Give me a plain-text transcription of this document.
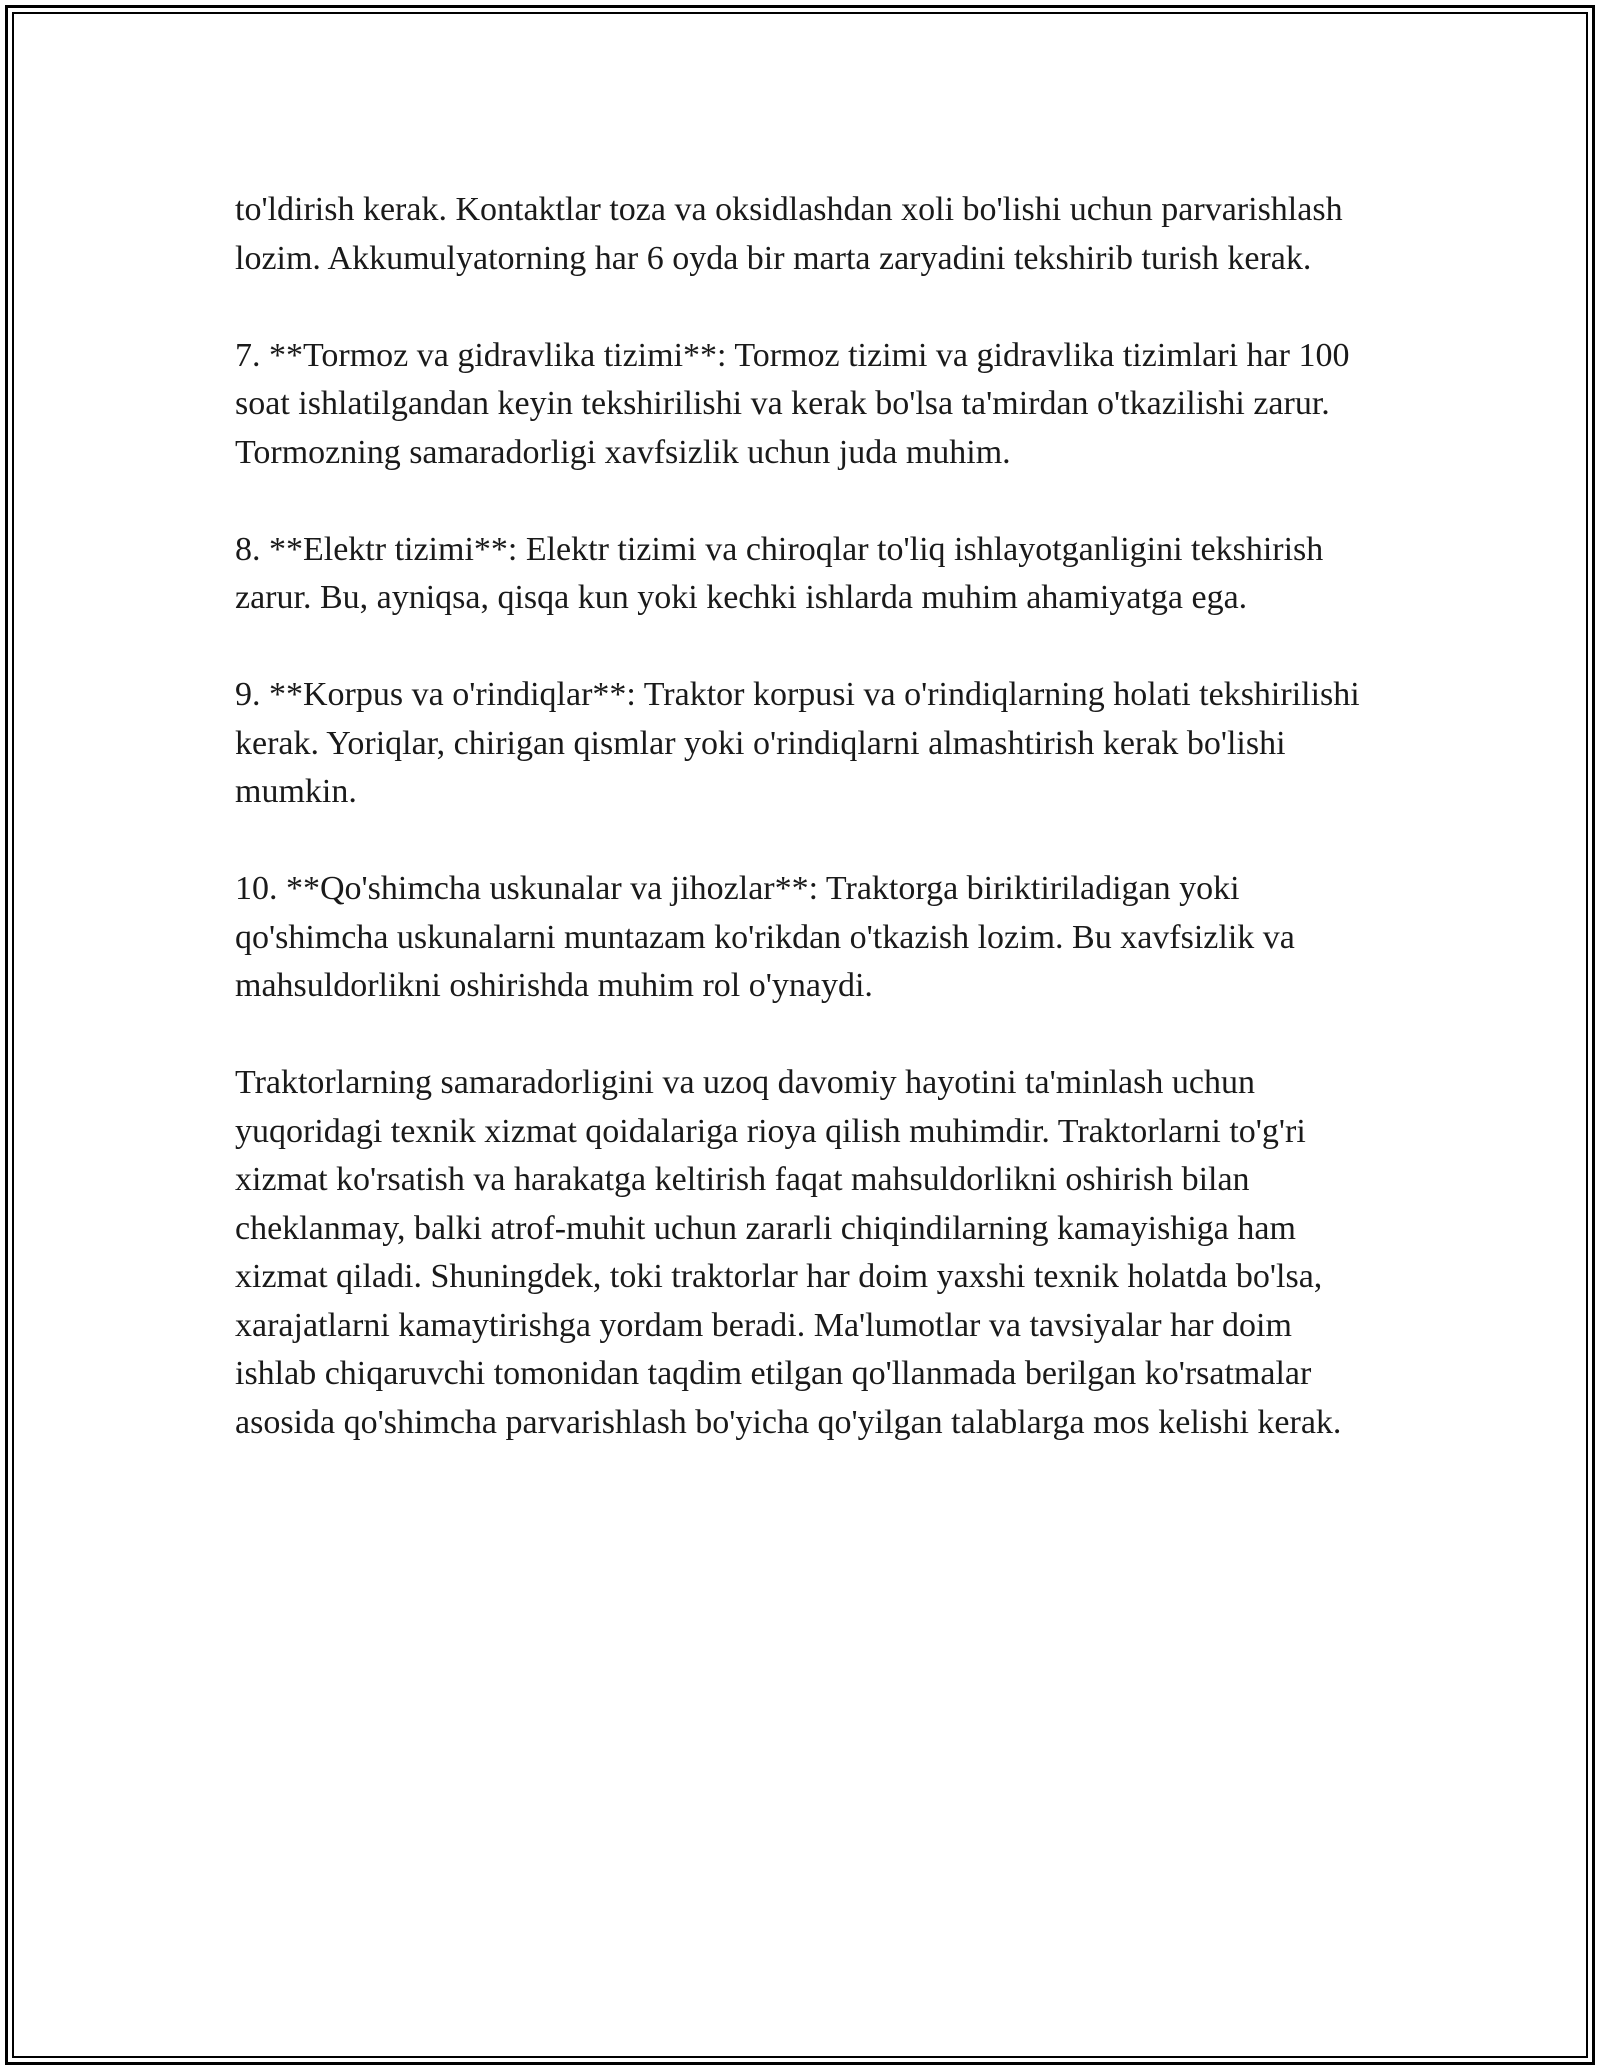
to'ldirish kerak. Kontaktlar toza va oksidlashdan xoli bo'lishi uchun parvarishlash lozim. Akkumulyatorning har 6 oyda bir marta zaryadini tekshirib turish kerak.

7. **Tormoz va gidravlika tizimi**: Tormoz tizimi va gidravlika tizimlari har 100 soat ishlatilgandan keyin tekshirilishi va kerak bo'lsa ta'mirdan o'tkazilishi zarur. Tormozning samaradorligi xavfsizlik uchun juda muhim.

8. **Elektr tizimi**: Elektr tizimi va chiroqlar to'liq ishlayotganligini tekshirish zarur. Bu, ayniqsa, qisqa kun yoki kechki ishlarda muhim ahamiyatga ega.

9. **Korpus va o'rindiqlar**: Traktor korpusi va o'rindiqlarning holati tekshirilishi kerak. Yoriqlar, chirigan qismlar yoki o'rindiqlarni almashtirish kerak bo'lishi mumkin.

10. **Qo'shimcha uskunalar va jihozlar**: Traktorga biriktiriladigan yoki qo'shimcha uskunalarni muntazam ko'rikdan o'tkazish lozim. Bu xavfsizlik va mahsuldorlikni oshirishda muhim rol o'ynaydi.

Traktorlarning samaradorligini va uzoq davomiy hayotini ta'minlash uchun yuqoridagi texnik xizmat qoidalariga rioya qilish muhimdir. Traktorlarni to'g'ri xizmat ko'rsatish va harakatga keltirish faqat mahsuldorlikni oshirish bilan cheklanmay, balki atrof-muhit uchun zararli chiqindilarning kamayishiga ham xizmat qiladi. Shuningdek, toki traktorlar har doim yaxshi texnik holatda bo'lsa, xarajatlarni kamaytirishga yordam beradi. Ma'lumotlar va tavsiyalar har doim ishlab chiqaruvchi tomonidan taqdim etilgan qo'llanmada berilgan ko'rsatmalar asosida qo'shimcha parvarishlash bo'yicha qo'yilgan talablarga mos kelishi kerak.
